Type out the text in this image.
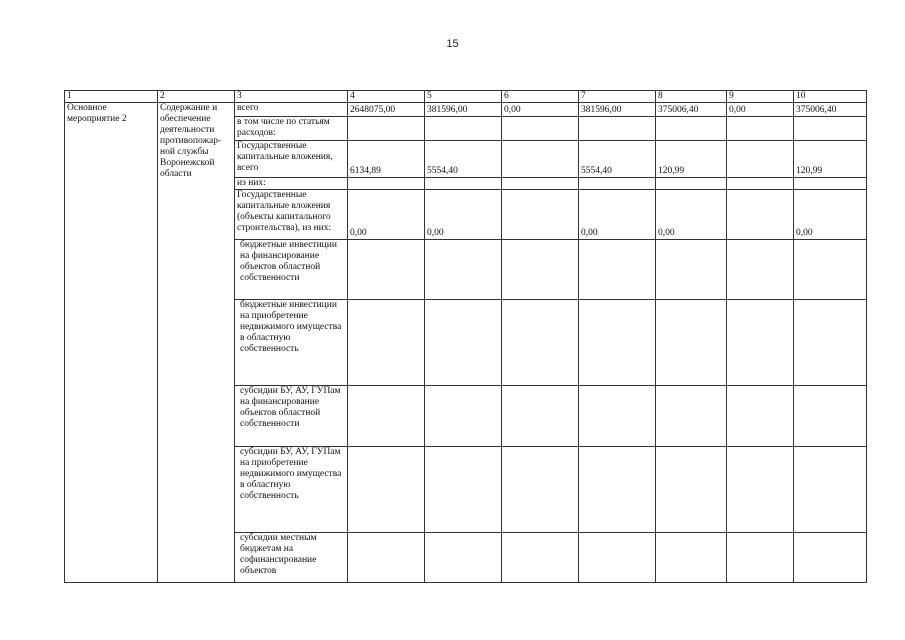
15
1	2	3	4	5	6	7	8	9	10
Основное мероприятие 2	Содержание и обеспечение деятельности противопожар-ной службы Воронежской области	всего	2648075,00	381596,00	0,00	381596,00	375006,40	0,00	375006,40
		в том числе по статьям расходов:							
		Государственные капитальные вложения, всего	6134,89	5554,40		5554,40	120,99		120,99
		из них:							
		Государственные капитальные вложения (объекты капитального строительства), из них:	0,00	0,00		0,00	0,00		0,00
		бюджетные инвестиции на финансирование объектов областной собственности							
		бюджетные инвестиции на приобретение недвижимого имущества в областную собственность							
		субсидии БУ, АУ, ГУПам на финансирование объектов областной собственности							
		субсидии БУ, АУ, ГУПам на приобретение недвижимого имущества в областную собственность							
		субсидии местным бюджетам на софинансирование объектов							
